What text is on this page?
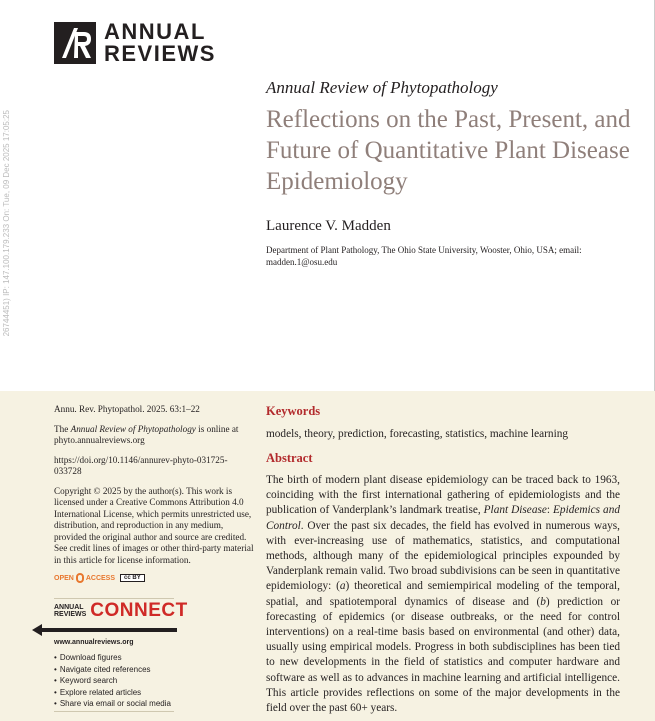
ANNUAL
REVIEWS
26744451) IP: 147.100.179.233 On: Tue, 09 Dec 2025 17:05:25
Annual Review of Phytopathology
Reflections on the Past, Present, and Future of Quantitative Plant Disease Epidemiology
Laurence V. Madden
Department of Plant Pathology, The Ohio State University, Wooster, Ohio, USA; email: madden.1@osu.edu

Annu. Rev. Phytopathol. 2025. 63:1–22

The Annual Review of Phytopathology is online at phyto.annualreviews.org

https://doi.org/10.1146/annurev-phyto-031725-033728

Copyright © 2025 by the author(s). This work is licensed under a Creative Commons Attribution 4.0 International License, which permits unrestricted use, distribution, and reproduction in any medium, provided the original author and source are credited. See credit lines of images or other third-party material in this article for license information.

OPEN ACCESS	cc BY
ANNUAL
REVIEWS CONNECT
www.annualreviews.org
• Download figures
• Navigate cited references
• Keyword search
• Explore related articles
• Share via email or social media
Keywords

models, theory, prediction, forecasting, statistics, machine learning

Abstract

The birth of modern plant disease epidemiology can be traced back to 1963, coinciding with the first international gathering of epidemiologists and the publication of Vanderplank’s landmark treatise, Plant Disease: Epidemics and Control. Over the past six decades, the field has evolved in numerous ways, with ever-increasing use of mathematics, statistics, and computational methods, although many of the epidemiological principles expounded by Vanderplank remain valid. Two broad subdivisions can be seen in quantitative epidemiology: (a) theoretical and semiempirical modeling of the temporal, spatial, and spatiotemporal dynamics of disease and (b) prediction or forecasting of epidemics (or disease outbreaks, or the need for control interventions) on a real-time basis based on environmental (and other) data, usually using empirical models. Progress in both subdisciplines has been tied to new developments in the field of statistics and computer hardware and software as well as to advances in machine learning and artificial intelligence. This article provides reflections on some of the major developments in the field over the past 60+ years.
